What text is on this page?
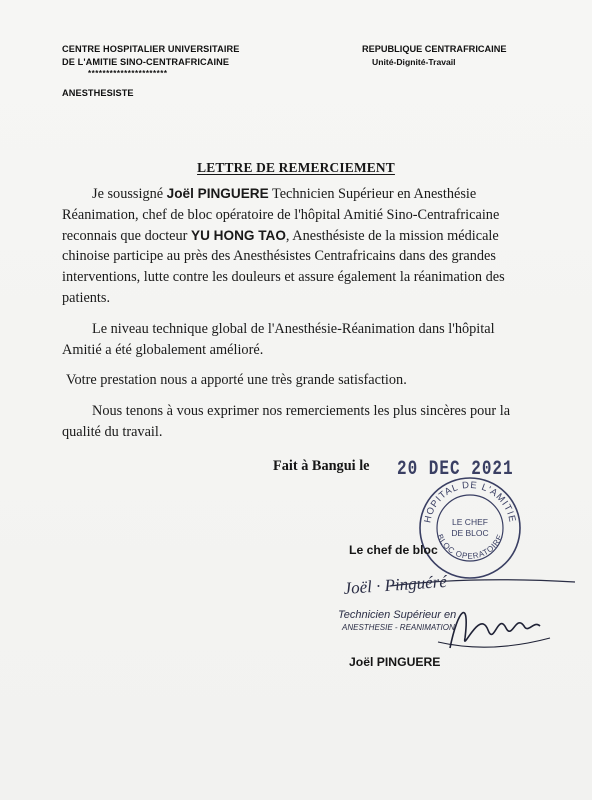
CENTRE HOSPITALIER UNIVERSITAIRE
DE L'AMITIE SINO-CENTRAFRICAINE
**********************
ANESTHESISTE
REPUBLIQUE CENTRAFRICAINE
Unité-Dignité-Travail
LETTRE DE REMERCIEMENT

Je soussigné Joël PINGUERE Technicien Supérieur en Anesthésie Réanimation, chef de bloc opératoire de l'hôpital Amitié Sino-Centrafricaine reconnais que docteur YU HONG TAO, Anesthésiste de la mission médicale chinoise participe au près des Anesthésistes Centrafricains dans des grandes interventions, lutte contre les douleurs et assure également la réanimation des patients.

Le niveau technique global de l'Anesthésie-Réanimation dans l'hôpital Amitié a été globalement amélioré.

Votre prestation nous a apporté une très grande satisfaction.

Nous tenons à vous exprimer nos remerciements les plus sincères pour la qualité du travail.

Fait à Bangui le 20 DEC 2021
HOPITAL DE L'AMITIE
BLOC OPERATOIRE
LE CHEF
DE BLOC
Le chef de bloc
Joël · Pinguéré
Technicien Supérieur en
ANESTHESIE - REANIMATION
Joël PINGUERE
